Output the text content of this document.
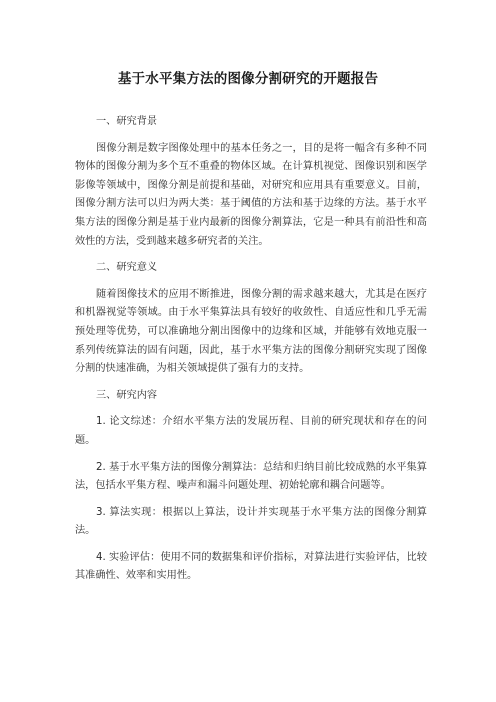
基于水平集方法的图像分割研究的开题报告
一、研究背景
图像分割是数字图像处理中的基本任务之一，目的是将一幅含有多种不同物体的图像分割为多个互不重叠的物体区域。在计算机视觉、图像识别和医学影像等领域中，图像分割是前提和基础，对研究和应用具有重要意义。目前，图像分割方法可以归为两大类：基于阈值的方法和基于边缘的方法。基于水平集方法的图像分割是基于业内最新的图像分割算法，它是一种具有前沿性和高效性的方法，受到越来越多研究者的关注。
二、研究意义
随着图像技术的应用不断推进，图像分割的需求越来越大，尤其是在医疗和机器视觉等领域。由于水平集算法具有较好的收敛性、自适应性和几乎无需预处理等优势，可以准确地分割出图像中的边缘和区域，并能够有效地克服一系列传统算法的固有问题，因此，基于水平集方法的图像分割研究实现了图像分割的快速准确，为相关领域提供了强有力的支持。
三、研究内容
1. 论文综述：介绍水平集方法的发展历程、目前的研究现状和存在的问题。
2. 基于水平集方法的图像分割算法：总结和归纳目前比较成熟的水平集算法，包括水平集方程、噪声和漏斗问题处理、初始轮廓和耦合问题等。
3. 算法实现：根据以上算法，设计并实现基于水平集方法的图像分割算法。
4. 实验评估：使用不同的数据集和评价指标，对算法进行实验评估，比较其准确性、效率和实用性。
